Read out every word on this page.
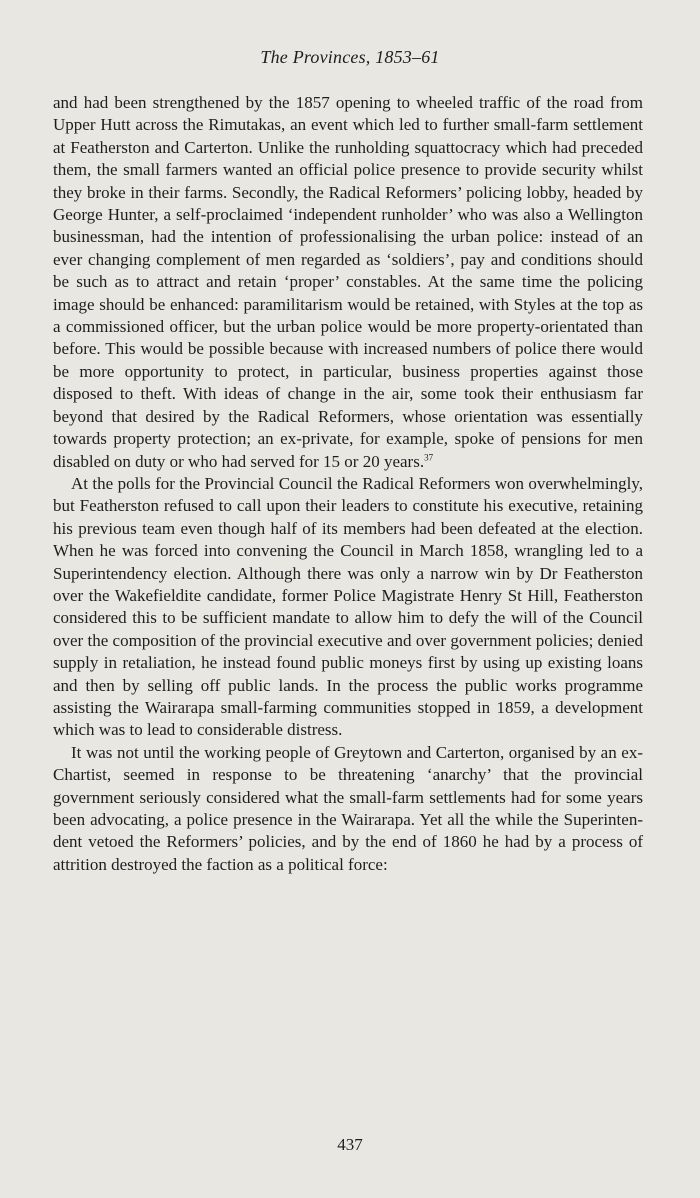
The Provinces, 1853–61

and had been strengthened by the 1857 opening to wheeled traffic of the road from Upper Hutt across the Rimutakas, an event which led to further small-farm settlement at Featherston and Carterton. Unlike the runholding squattocracy which had preceded them, the small farmers wanted an official police presence to provide security whilst they broke in their farms. Secondly, the Radical Reformers’ policing lobby, headed by George Hunter, a self-proclaimed ‘independent runholder’ who was also a Wellington businessman, had the intention of professionalising the urban police: instead of an ever changing complement of men regarded as ‘soldiers’, pay and conditions should be such as to attract and retain ‘proper’ constables. At the same time the policing image should be enhanced: paramilitarism would be retained, with Styles at the top as a commissioned officer, but the urban police would be more property-orientated than before. This would be possible because with increased numbers of police there would be more opportunity to protect, in particular, business properties against those disposed to theft. With ideas of change in the air, some took their enthusiasm far beyond that desired by the Radical Reformers, whose orientation was essentially towards property protection; an ex-private, for example, spoke of pensions for men disabled on duty or who had served for 15 or 20 years.$^{37}$

At the polls for the Provincial Council the Radical Reformers won overwhelmingly, but Featherston refused to call upon their leaders to constitute his executive, retaining his previous team even though half of its members had been defeated at the election. When he was forced into convening the Council in March 1858, wrangling led to a Superintendency election. Although there was only a narrow win by Dr Featherston over the Wakefieldite candidate, former Police Magistrate Henry St Hill, Featherston considered this to be sufficient mandate to allow him to defy the will of the Council over the composition of the provincial executive and over government policies; denied supply in retaliation, he instead found public moneys first by using up existing loans and then by selling off public lands. In the process the public works programme assisting the Wairarapa small-farming communities stopped in 1859, a development which was to lead to considerable distress.

It was not until the working people of Greytown and Carterton, organised by an ex-Chartist, seemed in response to be threatening ‘anarchy’ that the provincial government seriously considered what the small-farm settlements had for some years been advocating, a police presence in the Wairarapa. Yet all the while the Superintendent vetoed the Reformers’ policies, and by the end of 1860 he had by a process of attrition destroyed the faction as a political force:

437
